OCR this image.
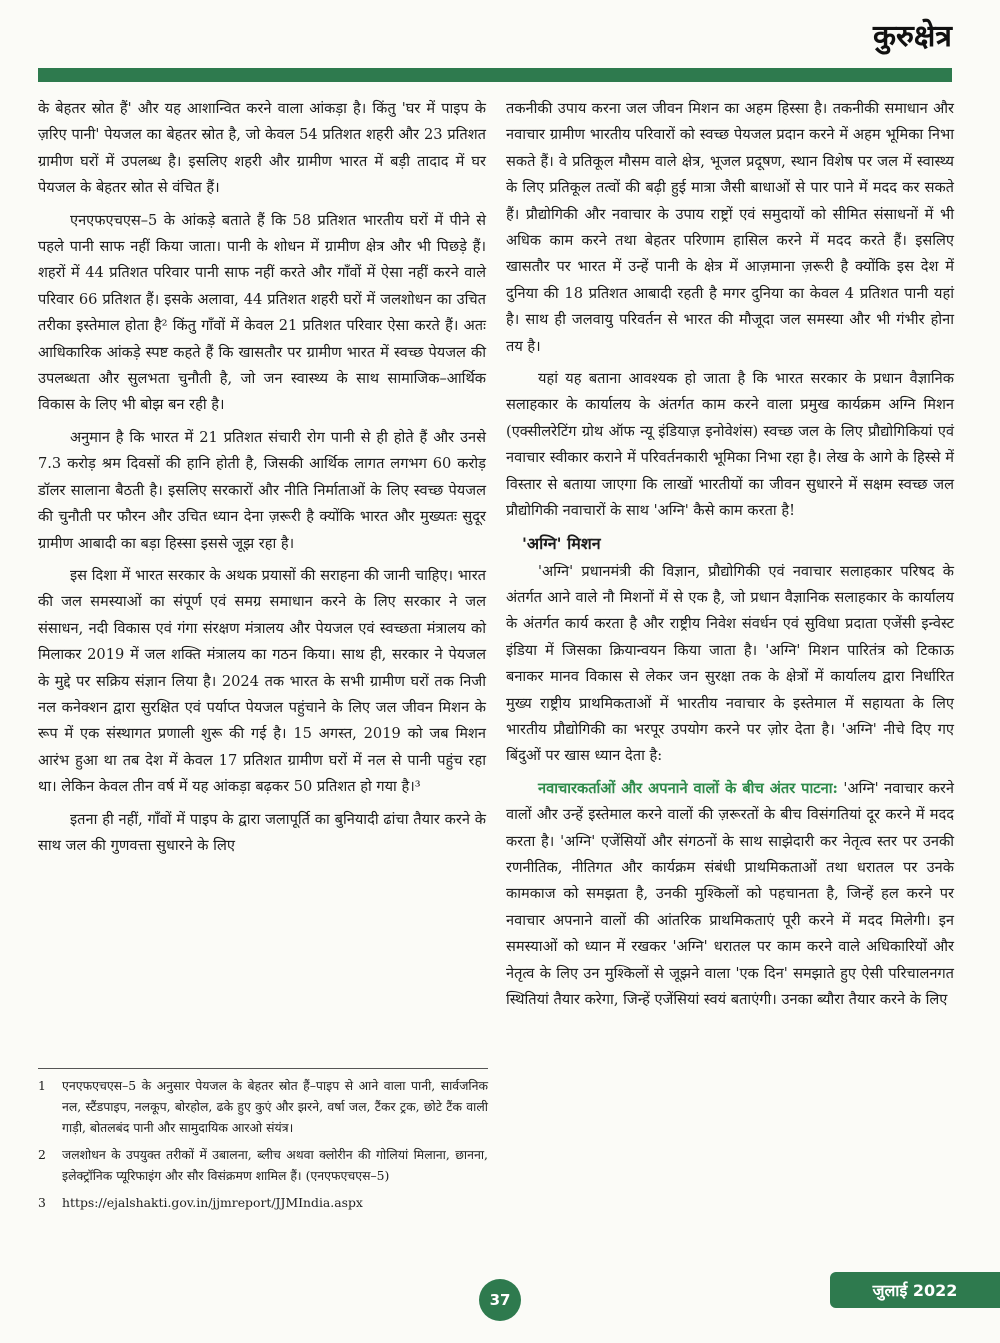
कुरुक्षेत्र

के बेहतर स्रोत हैं' और यह आशान्वित करने वाला आंकड़ा है। किंतु 'घर में पाइप के ज़रिए पानी' पेयजल का बेहतर स्रोत है, जो केवल 54 प्रतिशत शहरी और 23 प्रतिशत ग्रामीण घरों में उपलब्ध है। इसलिए शहरी और ग्रामीण भारत में बड़ी तादाद में घर पेयजल के बेहतर स्रोत से वंचित हैं।

एनएफएचएस–5 के आंकड़े बताते हैं कि 58 प्रतिशत भारतीय घरों में पीने से पहले पानी साफ नहीं किया जाता। पानी के शोधन में ग्रामीण क्षेत्र और भी पिछड़े हैं। शहरों में 44 प्रतिशत परिवार पानी साफ नहीं करते और गाँवों में ऐसा नहीं करने वाले परिवार 66 प्रतिशत हैं। इसके अलावा, 44 प्रतिशत शहरी घरों में जलशोधन का उचित तरीका इस्तेमाल होता है² किंतु गाँवों में केवल 21 प्रतिशत परिवार ऐसा करते हैं। अतः आधिकारिक आंकड़े स्पष्ट कहते हैं कि खासतौर पर ग्रामीण भारत में स्वच्छ पेयजल की उपलब्धता और सुलभता चुनौती है, जो जन स्वास्थ्य के साथ सामाजिक–आर्थिक विकास के लिए भी बोझ बन रही है।

अनुमान है कि भारत में 21 प्रतिशत संचारी रोग पानी से ही होते हैं और उनसे 7.3 करोड़ श्रम दिवसों की हानि होती है, जिसकी आर्थिक लागत लगभग 60 करोड़ डॉलर सालाना बैठती है। इसलिए सरकारों और नीति निर्माताओं के लिए स्वच्छ पेयजल की चुनौती पर फौरन और उचित ध्यान देना ज़रूरी है क्योंकि भारत और मुख्यतः सुदूर ग्रामीण आबादी का बड़ा हिस्सा इससे जूझ रहा है।

इस दिशा में भारत सरकार के अथक प्रयासों की सराहना की जानी चाहिए। भारत की जल समस्याओं का संपूर्ण एवं समग्र समाधान करने के लिए सरकार ने जल संसाधन, नदी विकास एवं गंगा संरक्षण मंत्रालय और पेयजल एवं स्वच्छता मंत्रालय को मिलाकर 2019 में जल शक्ति मंत्रालय का गठन किया। साथ ही, सरकार ने पेयजल के मुद्दे पर सक्रिय संज्ञान लिया है। 2024 तक भारत के सभी ग्रामीण घरों तक निजी नल कनेक्शन द्वारा सुरक्षित एवं पर्याप्त पेयजल पहुंचाने के लिए जल जीवन मिशन के रूप में एक संस्थागत प्रणाली शुरू की गई है। 15 अगस्त, 2019 को जब मिशन आरंभ हुआ था तब देश में केवल 17 प्रतिशत ग्रामीण घरों में नल से पानी पहुंच रहा था। लेकिन केवल तीन वर्ष में यह आंकड़ा बढ़कर 50 प्रतिशत हो गया है।³

इतना ही नहीं, गाँवों में पाइप के द्वारा जलापूर्ति का बुनियादी ढांचा तैयार करने के साथ जल की गुणवत्ता सुधारने के लिए

1	एनएफएचएस–5 के अनुसार पेयजल के बेहतर स्रोत हैं–पाइप से आने वाला पानी, सार्वजनिक नल, स्टैंडपाइप, नलकूप, बोरहोल, ढके हुए कुएं और झरने, वर्षा जल, टैंकर ट्रक, छोटे टैंक वाली गाड़ी, बोतलबंद पानी और सामुदायिक आरओ संयंत्र।
2	जलशोधन के उपयुक्त तरीकों में उबालना, ब्लीच अथवा क्लोरीन की गोलियां मिलाना, छानना, इलेक्ट्रॉनिक प्यूरिफाइंग और सौर विसंक्रमण शामिल हैं। (एनएफएचएस–5)
3	https://ejalshakti.gov.in/jjmreport/JJMIndia.aspx

तकनीकी उपाय करना जल जीवन मिशन का अहम हिस्सा है। तकनीकी समाधान और नवाचार ग्रामीण भारतीय परिवारों को स्वच्छ पेयजल प्रदान करने में अहम भूमिका निभा सकते हैं। वे प्रतिकूल मौसम वाले क्षेत्र, भूजल प्रदूषण, स्थान विशेष पर जल में स्वास्थ्य के लिए प्रतिकूल तत्वों की बढ़ी हुई मात्रा जैसी बाधाओं से पार पाने में मदद कर सकते हैं। प्रौद्योगिकी और नवाचार के उपाय राष्ट्रों एवं समुदायों को सीमित संसाधनों में भी अधिक काम करने तथा बेहतर परिणाम हासिल करने में मदद करते हैं। इसलिए खासतौर पर भारत में उन्हें पानी के क्षेत्र में आज़माना ज़रूरी है क्योंकि इस देश में दुनिया की 18 प्रतिशत आबादी रहती है मगर दुनिया का केवल 4 प्रतिशत पानी यहां है। साथ ही जलवायु परिवर्तन से भारत की मौजूदा जल समस्या और भी गंभीर होना तय है।

यहां यह बताना आवश्यक हो जाता है कि भारत सरकार के प्रधान वैज्ञानिक सलाहकार के कार्यालय के अंतर्गत काम करने वाला प्रमुख कार्यक्रम अग्नि मिशन (एक्सीलरेटिंग ग्रोथ ऑफ न्यू इंडियाज़ इनोवेशंस) स्वच्छ जल के लिए प्रौद्योगिकियां एवं नवाचार स्वीकार कराने में परिवर्तनकारी भूमिका निभा रहा है। लेख के आगे के हिस्से में विस्तार से बताया जाएगा कि लाखों भारतीयों का जीवन सुधारने में सक्षम स्वच्छ जल प्रौद्योगिकी नवाचारों के साथ 'अग्नि' कैसे काम करता है!

'अग्नि' मिशन

'अग्नि' प्रधानमंत्री की विज्ञान, प्रौद्योगिकी एवं नवाचार सलाहकार परिषद के अंतर्गत आने वाले नौ मिशनों में से एक है, जो प्रधान वैज्ञानिक सलाहकार के कार्यालय के अंतर्गत कार्य करता है और राष्ट्रीय निवेश संवर्धन एवं सुविधा प्रदाता एजेंसी इन्वेस्ट इंडिया में जिसका क्रियान्वयन किया जाता है। 'अग्नि' मिशन पारितंत्र को टिकाऊ बनाकर मानव विकास से लेकर जन सुरक्षा तक के क्षेत्रों में कार्यालय द्वारा निर्धारित मुख्य राष्ट्रीय प्राथमिकताओं में भारतीय नवाचार के इस्तेमाल में सहायता के लिए भारतीय प्रौद्योगिकी का भरपूर उपयोग करने पर ज़ोर देता है। 'अग्नि' नीचे दिए गए बिंदुओं पर खास ध्यान देता है:

नवाचारकर्ताओं और अपनाने वालों के बीच अंतर पाटना: 'अग्नि' नवाचार करने वालों और उन्हें इस्तेमाल करने वालों की ज़रूरतों के बीच विसंगतियां दूर करने में मदद करता है। 'अग्नि' एजेंसियों और संगठनों के साथ साझेदारी कर नेतृत्व स्तर पर उनकी रणनीतिक, नीतिगत और कार्यक्रम संबंधी प्राथमिकताओं तथा धरातल पर उनके कामकाज को समझता है, उनकी मुश्किलों को पहचानता है, जिन्हें हल करने पर नवाचार अपनाने वालों की आंतरिक प्राथमिकताएं पूरी करने में मदद मिलेगी। इन समस्याओं को ध्यान में रखकर 'अग्नि' धरातल पर काम करने वाले अधिकारियों और नेतृत्व के लिए उन मुश्किलों से जूझने वाला 'एक दिन' समझाते हुए ऐसी परिचालनगत स्थितियां तैयार करेगा, जिन्हें एजेंसियां स्वयं बताएंगी। उनका ब्यौरा तैयार करने के लिए

37	जुलाई 2022
